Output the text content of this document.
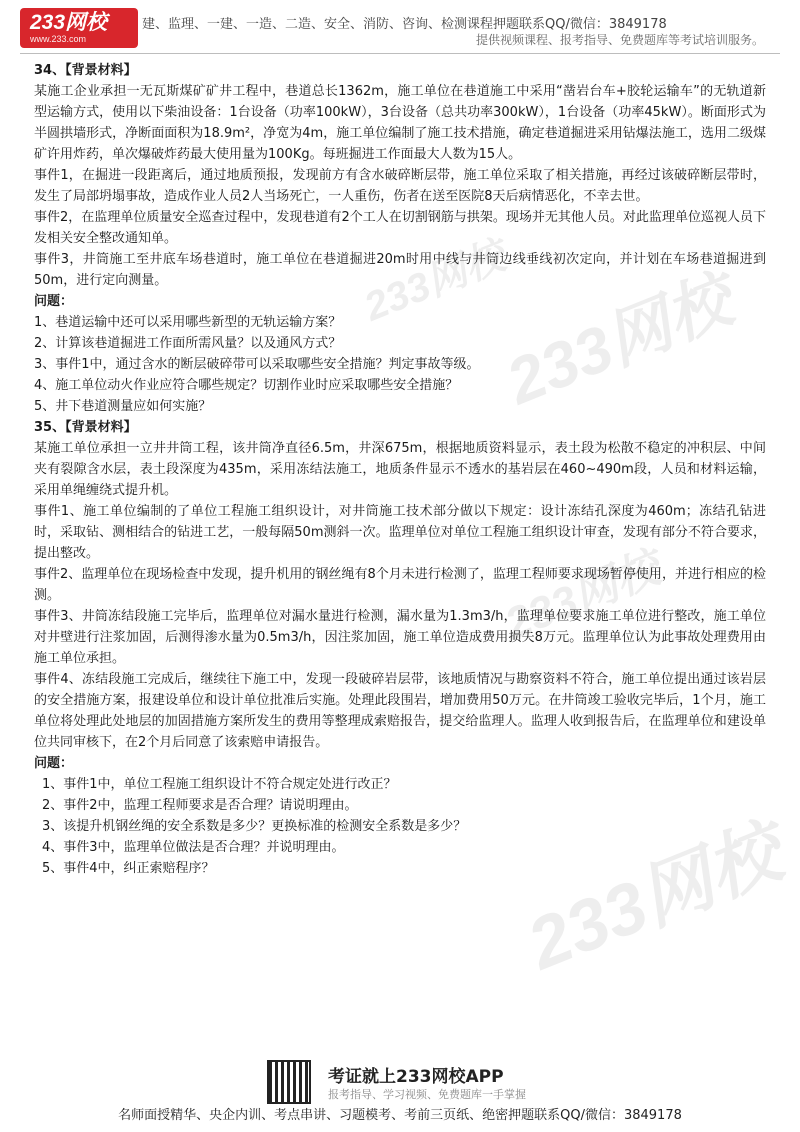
233网校
www.233.com
建、监理、一建、一造、二造、安全、消防、咨询、检测课程押题联系QQ/微信：3849178
提供视频课程、报考指导、免费题库等考试培训服务。
233网校
233网校
233网校
233网校

34、【背景材料】

某施工企业承担一无瓦斯煤矿矿井工程中，巷道总长1362m，施工单位在巷道施工中采用“凿岩台车+胶轮运输车”的无轨道新型运输方式，使用以下柴油设备：1台设备（功率100kW），3台设备（总共功率300kW），1台设备（功率45kW）。断面形式为半圆拱墙形式，净断面面积为18.9m²，净宽为4m，施工单位编制了施工技术措施，确定巷道掘进采用钻爆法施工，选用二级煤矿许用炸药，单次爆破炸药最大使用量为100Kg。每班掘进工作面最大人数为15人。

事件1，在掘进一段距离后，通过地质预报，发现前方有含水破碎断层带，施工单位采取了相关措施，再经过该破碎断层带时，发生了局部坍塌事故，造成作业人员2人当场死亡，一人重伤，伤者在送至医院8天后病情恶化，不幸去世。

事件2，在监理单位质量安全巡查过程中，发现巷道有2个工人在切割钢筋与拱架。现场并无其他人员。对此监理单位巡视人员下发相关安全整改通知单。

事件3，井筒施工至井底车场巷道时，施工单位在巷道掘进20m时用中线与井筒边线垂线初次定向，并计划在车场巷道掘进到50m，进行定向测量。

问题：

1、巷道运输中还可以采用哪些新型的无轨运输方案？

2、计算该巷道掘进工作面所需风量？以及通风方式？

3、事件1中，通过含水的断层破碎带可以采取哪些安全措施？判定事故等级。

4、施工单位动火作业应符合哪些规定？切割作业时应采取哪些安全措施？

5、井下巷道测量应如何实施？

35、【背景材料】

某施工单位承担一立井井筒工程，该井筒净直径6.5m，井深675m，根据地质资料显示，表土段为松散不稳定的冲积层、中间夹有裂隙含水层，表土段深度为435m，采用冻结法施工，地质条件显示不透水的基岩层在460~490m段，人员和材料运输，采用单绳缠绕式提升机。

事件1、施工单位编制的了单位工程施工组织设计，对井筒施工技术部分做以下规定：设计冻结孔深度为460m；冻结孔钻进时，采取钻、测相结合的钻进工艺，一般每隔50m测斜一次。监理单位对单位工程施工组织设计审查，发现有部分不符合要求，提出整改。

事件2、监理单位在现场检查中发现，提升机用的钢丝绳有8个月未进行检测了，监理工程师要求现场暂停使用，并进行相应的检测。

事件3、井筒冻结段施工完毕后，监理单位对漏水量进行检测，漏水量为1.3m3/h，监理单位要求施工单位进行整改，施工单位对井壁进行注浆加固，后测得渗水量为0.5m3/h，因注浆加固，施工单位造成费用损失8万元。监理单位认为此事故处理费用由施工单位承担。

事件4、冻结段施工完成后，继续往下施工中，发现一段破碎岩层带，该地质情况与勘察资料不符合，施工单位提出通过该岩层的安全措施方案，报建设单位和设计单位批准后实施。处理此段围岩，增加费用50万元。在井筒竣工验收完毕后，1个月，施工单位将处理此处地层的加固措施方案所发生的费用等整理成索赔报告，提交给监理人。监理人收到报告后，在监理单位和建设单位共同审核下，在2个月后同意了该索赔申请报告。

问题：

1、事件1中，单位工程施工组织设计不符合规定处进行改正？

2、事件2中，监理工程师要求是否合理？请说明理由。

3、该提升机钢丝绳的安全系数是多少？更换标准的检测安全系数是多少？

4、事件3中，监理单位做法是否合理？并说明理由。

5、事件4中，纠正索赔程序？

考证就上233网校APP
报考指导、学习视频、免费题库一手掌握
名师面授精华、央企内训、考点串讲、习题模考、考前三页纸、绝密押题联系QQ/微信：3849178
